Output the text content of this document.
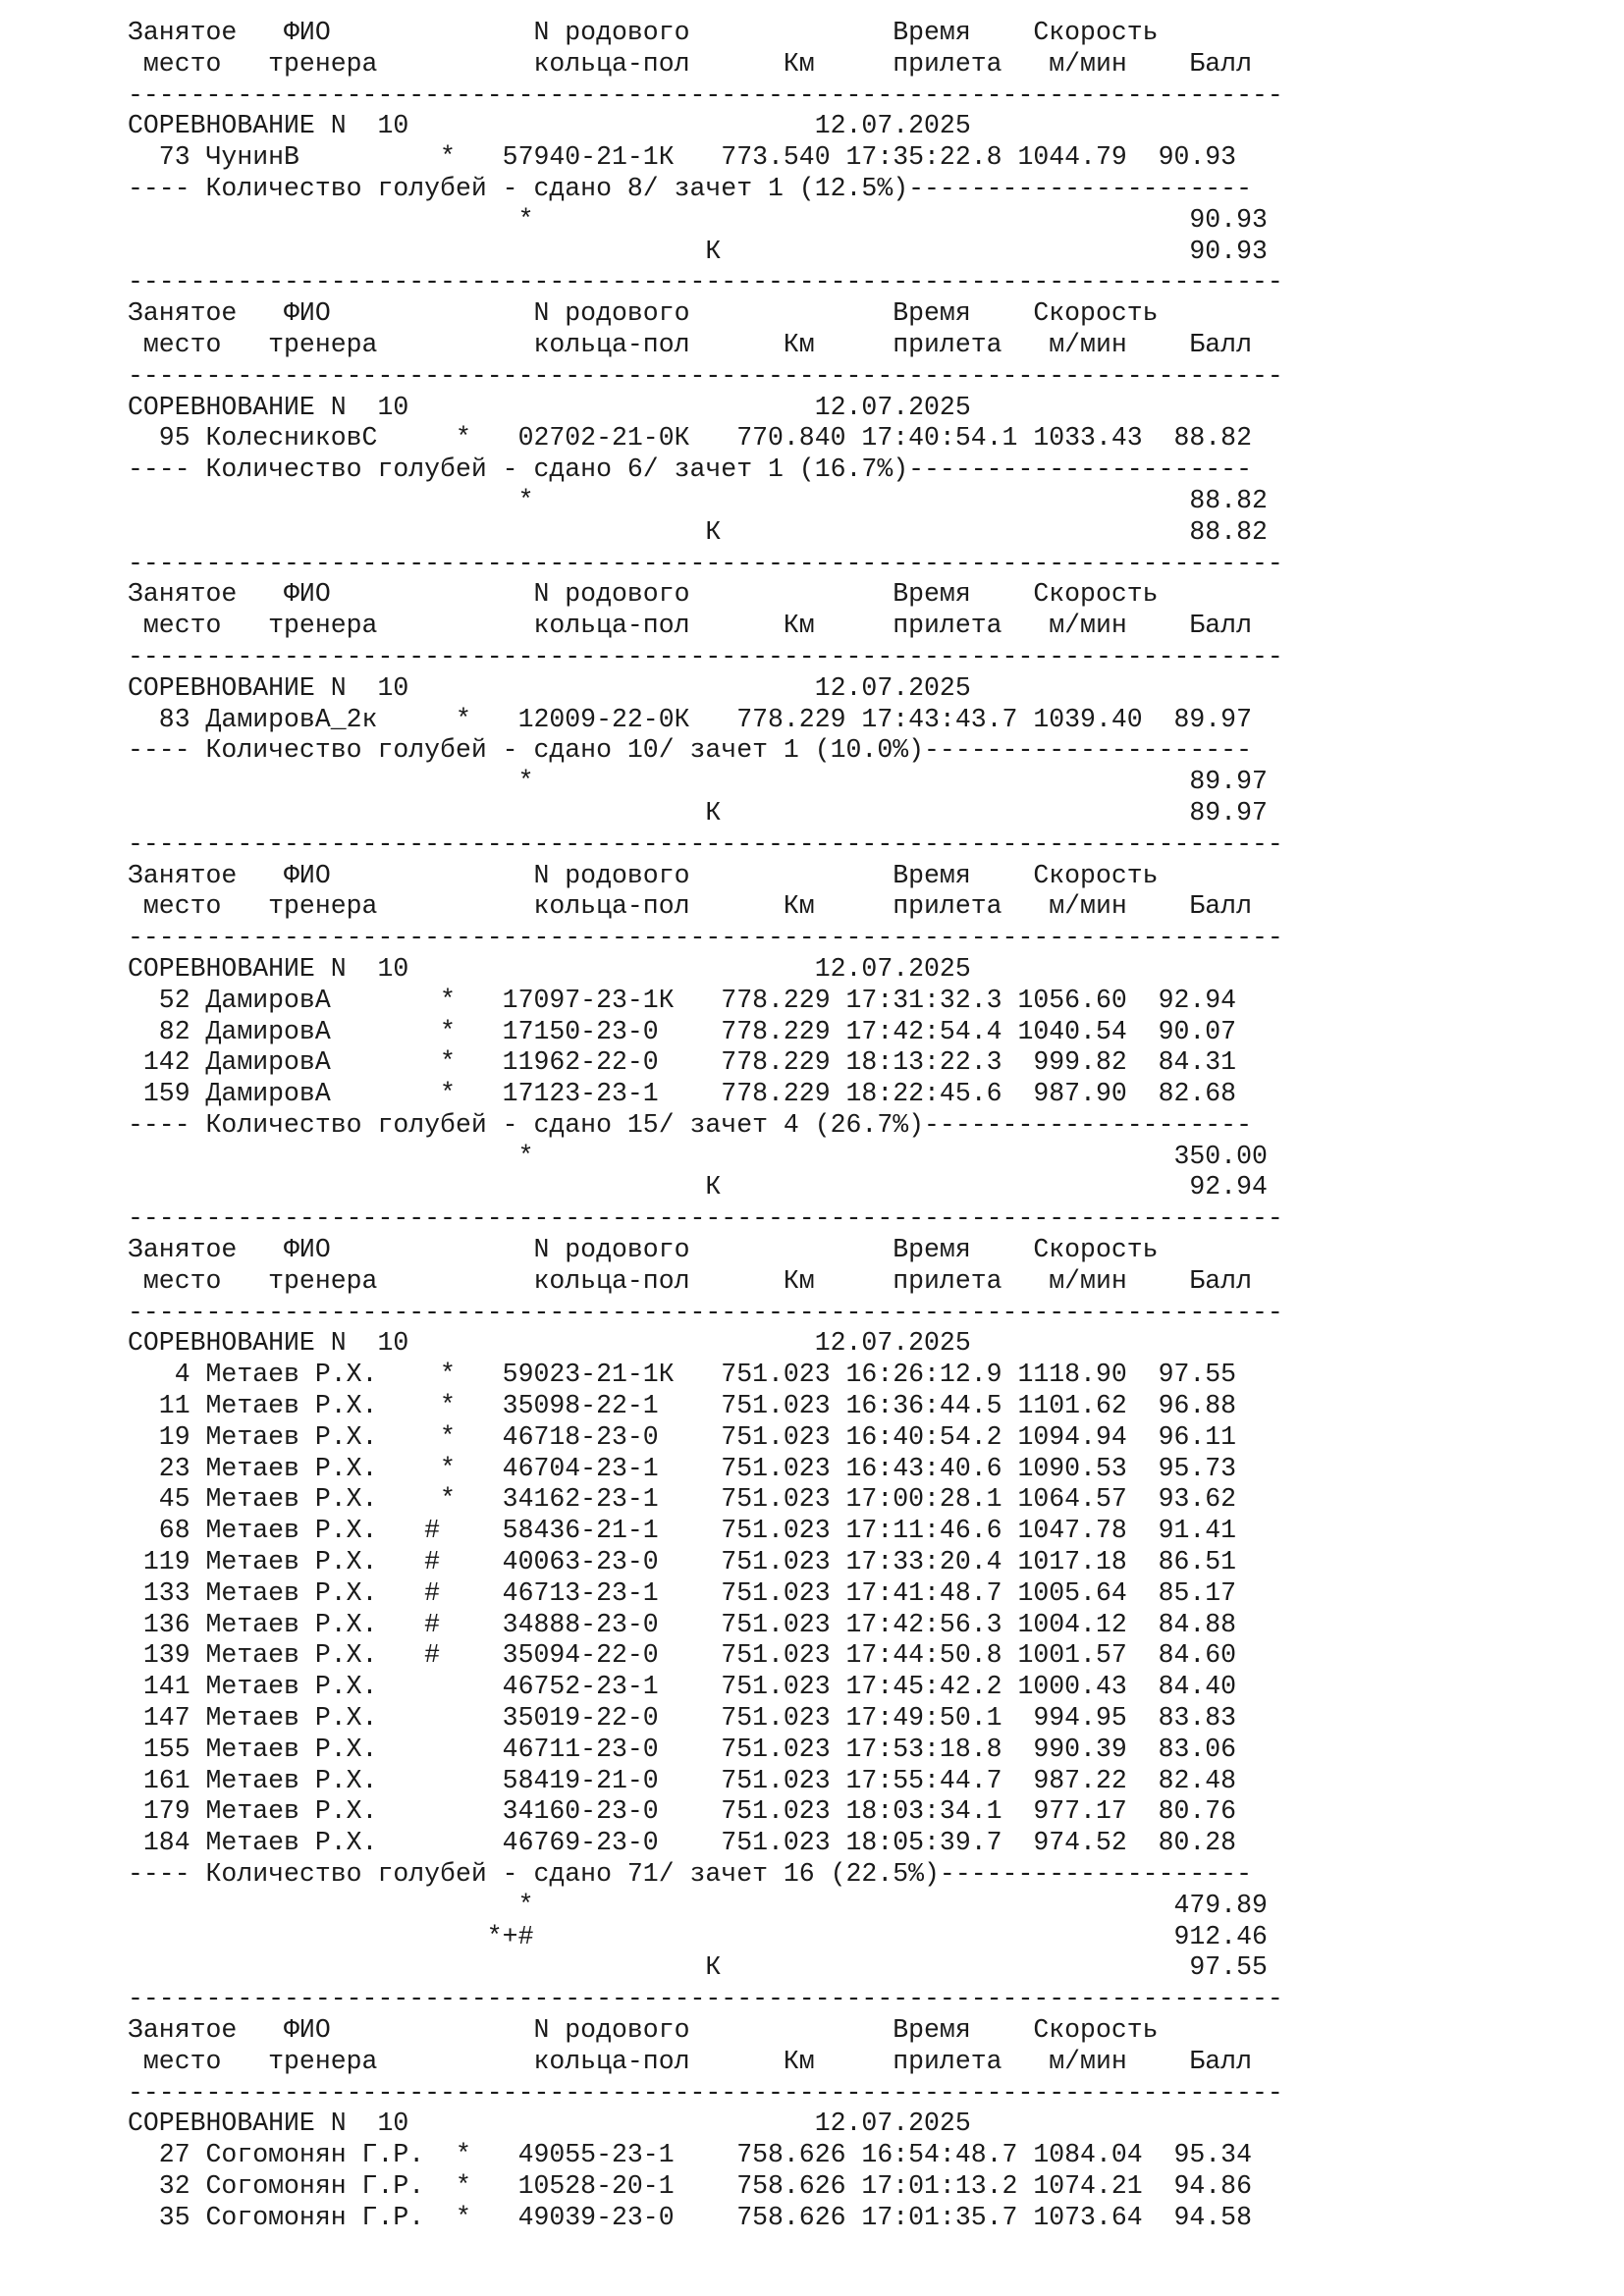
Занятое   ФИО             N родового             Время    Скорость
место   тренера          кольца-пол      Км     прилета   м/мин    Балл
--------------------------------------------------------------------------
СОРЕВНОВАНИЕ N  10                          12.07.2025
73 ЧунинВ         *   57940-21-1К   773.540 17:35:22.8 1044.79  90.93
---- Количество голубей - сдано 8/ зачет 1 (12.5%)----------------------
*                                          90.93
К                              90.93
--------------------------------------------------------------------------
Занятое   ФИО             N родового             Время    Скорость
место   тренера          кольца-пол      Км     прилета   м/мин    Балл
--------------------------------------------------------------------------
СОРЕВНОВАНИЕ N  10                          12.07.2025
95 КолесниковС     *   02702-21-0К   770.840 17:40:54.1 1033.43  88.82
---- Количество голубей - сдано 6/ зачет 1 (16.7%)----------------------
*                                          88.82
К                              88.82
--------------------------------------------------------------------------
Занятое   ФИО             N родового             Время    Скорость
место   тренера          кольца-пол      Км     прилета   м/мин    Балл
--------------------------------------------------------------------------
СОРЕВНОВАНИЕ N  10                          12.07.2025
83 ДамировА_2к     *   12009-22-0К   778.229 17:43:43.7 1039.40  89.97
---- Количество голубей - сдано 10/ зачет 1 (10.0%)---------------------
*                                          89.97
К                              89.97
--------------------------------------------------------------------------
Занятое   ФИО             N родового             Время    Скорость
место   тренера          кольца-пол      Км     прилета   м/мин    Балл
--------------------------------------------------------------------------
СОРЕВНОВАНИЕ N  10                          12.07.2025
52 ДамировА       *   17097-23-1К   778.229 17:31:32.3 1056.60  92.94
82 ДамировА       *   17150-23-0    778.229 17:42:54.4 1040.54  90.07
142 ДамировА       *   11962-22-0    778.229 18:13:22.3  999.82  84.31
159 ДамировА       *   17123-23-1    778.229 18:22:45.6  987.90  82.68
---- Количество голубей - сдано 15/ зачет 4 (26.7%)---------------------
*                                         350.00
К                              92.94
--------------------------------------------------------------------------
Занятое   ФИО             N родового             Время    Скорость
место   тренера          кольца-пол      Км     прилета   м/мин    Балл
--------------------------------------------------------------------------
СОРЕВНОВАНИЕ N  10                          12.07.2025
4 Метаев Р.Х.    *   59023-21-1К   751.023 16:26:12.9 1118.90  97.55
11 Метаев Р.Х.    *   35098-22-1    751.023 16:36:44.5 1101.62  96.88
19 Метаев Р.Х.    *   46718-23-0    751.023 16:40:54.2 1094.94  96.11
23 Метаев Р.Х.    *   46704-23-1    751.023 16:43:40.6 1090.53  95.73
45 Метаев Р.Х.    *   34162-23-1    751.023 17:00:28.1 1064.57  93.62
68 Метаев Р.Х.   #    58436-21-1    751.023 17:11:46.6 1047.78  91.41
119 Метаев Р.Х.   #    40063-23-0    751.023 17:33:20.4 1017.18  86.51
133 Метаев Р.Х.   #    46713-23-1    751.023 17:41:48.7 1005.64  85.17
136 Метаев Р.Х.   #    34888-23-0    751.023 17:42:56.3 1004.12  84.88
139 Метаев Р.Х.   #    35094-22-0    751.023 17:44:50.8 1001.57  84.60
141 Метаев Р.Х.        46752-23-1    751.023 17:45:42.2 1000.43  84.40
147 Метаев Р.Х.        35019-22-0    751.023 17:49:50.1  994.95  83.83
155 Метаев Р.Х.        46711-23-0    751.023 17:53:18.8  990.39  83.06
161 Метаев Р.Х.        58419-21-0    751.023 17:55:44.7  987.22  82.48
179 Метаев Р.Х.        34160-23-0    751.023 18:03:34.1  977.17  80.76
184 Метаев Р.Х.        46769-23-0    751.023 18:05:39.7  974.52  80.28
---- Количество голубей - сдано 71/ зачет 16 (22.5%)--------------------
*                                         479.89
*+#                                         912.46
К                              97.55
--------------------------------------------------------------------------
Занятое   ФИО             N родового             Время    Скорость
место   тренера          кольца-пол      Км     прилета   м/мин    Балл
--------------------------------------------------------------------------
СОРЕВНОВАНИЕ N  10                          12.07.2025
27 Согомонян Г.Р.  *   49055-23-1    758.626 16:54:48.7 1084.04  95.34
32 Согомонян Г.Р.  *   10528-20-1    758.626 17:01:13.2 1074.21  94.86
35 Согомонян Г.Р.  *   49039-23-0    758.626 17:01:35.7 1073.64  94.58
